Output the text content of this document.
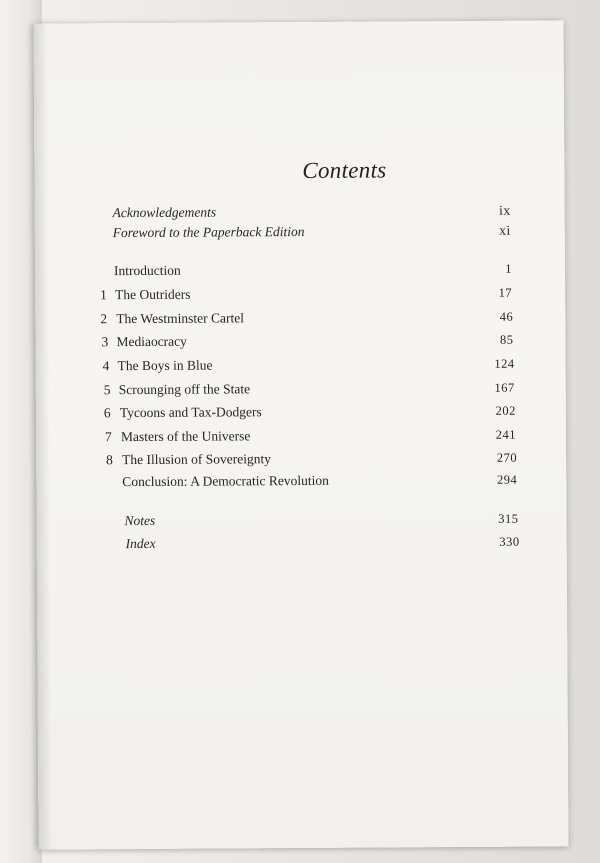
Contents
Acknowledgements	ix
Foreword to the Paperback Edition	xi
Introduction	1
1 The Outriders	17
2 The Westminster Cartel	46
3 Mediaocracy	85
4 The Boys in Blue	124
5 Scrounging off the State	167
6 Tycoons and Tax-Dodgers	202
7 Masters of the Universe	241
8 The Illusion of Sovereignty	270
Conclusion: A Democratic Revolution	294
Notes	315
Index	330
